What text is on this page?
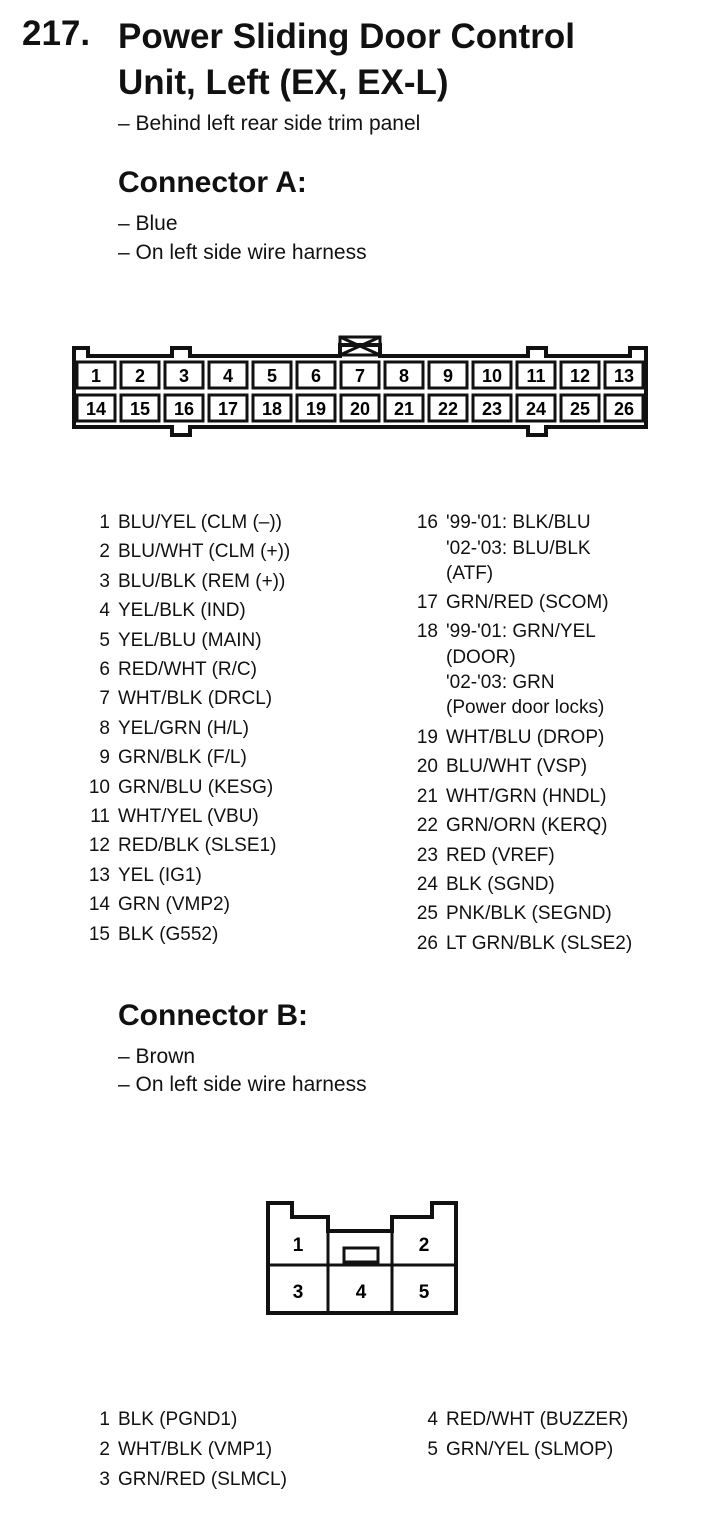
217. Power Sliding Door Control
Unit, Left (EX, EX-L)
– Behind left rear side trim panel
Connector A:
– Blue
– On left side wire harness
1 2 3 4 5 6 7 8 9 10 11 12 13
14 15 16 17 18 19 20 21 22 23 24 25 26
1 BLU/YEL (CLM (–))
2 BLU/WHT (CLM (+))
3 BLU/BLK (REM (+))
4 YEL/BLK (IND)
5 YEL/BLU (MAIN)
6 RED/WHT (R/C)
7 WHT/BLK (DRCL)
8 YEL/GRN (H/L)
9 GRN/BLK (F/L)
10 GRN/BLU (KESG)
11 WHT/YEL (VBU)
12 RED/BLK (SLSE1)
13 YEL (IG1)
14 GRN (VMP2)
15 BLK (G552)
16 '99-'01: BLK/BLU
'02-'03: BLU/BLK
(ATF)
17 GRN/RED (SCOM)
18 '99-'01: GRN/YEL
(DOOR)
'02-'03: GRN
(Power door locks)
19 WHT/BLU (DROP)
20 BLU/WHT (VSP)
21 WHT/GRN (HNDL)
22 GRN/ORN (KERQ)
23 RED (VREF)
24 BLK (SGND)
25 PNK/BLK (SEGND)
26 LT GRN/BLK (SLSE2)
Connector B:
– Brown
– On left side wire harness
1	2
3	4	5
1 BLK (PGND1)
2 WHT/BLK (VMP1)
3 GRN/RED (SLMCL)
4 RED/WHT (BUZZER)
5 GRN/YEL (SLMOP)
